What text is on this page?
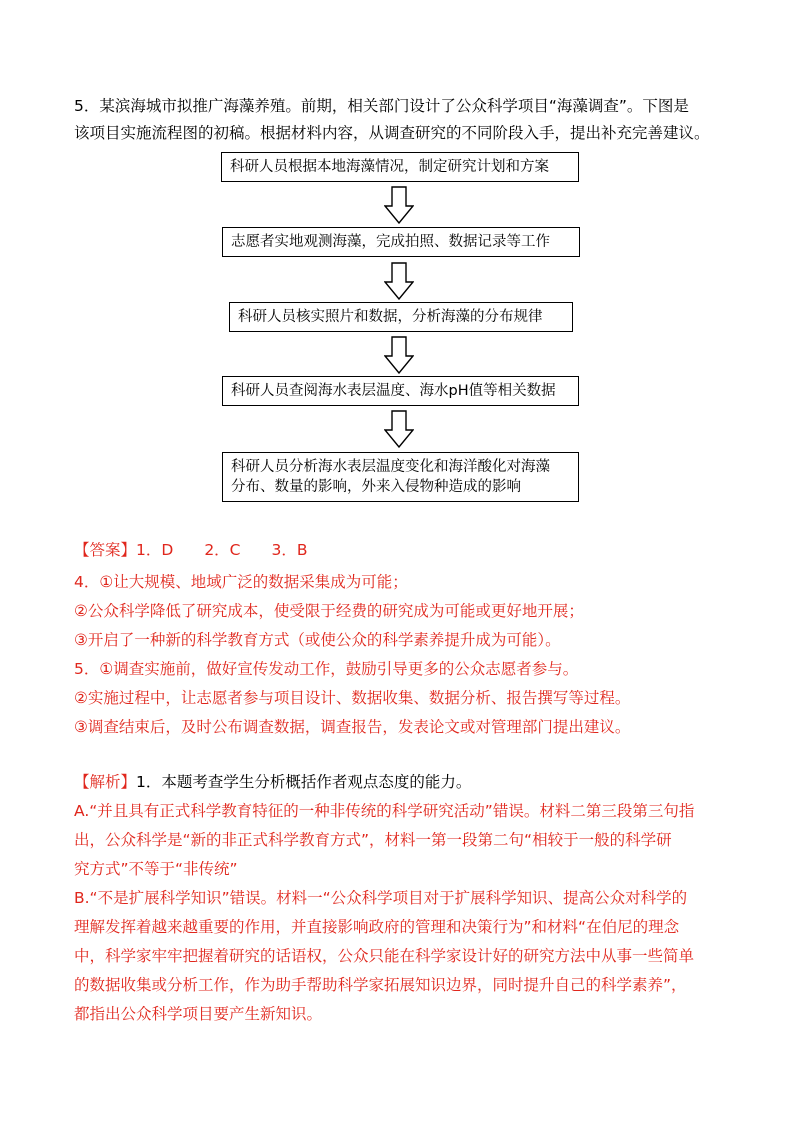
5．某滨海城市拟推广海藻养殖。前期，相关部门设计了公众科学项目“海藻调查”。下图是
该项目实施流程图的初稿。根据材料内容，从调查研究的不同阶段入手，提出补充完善建议。
科研人员根据本地海藻情况，制定研究计划和方案
志愿者实地观测海藻，完成拍照、数据记录等工作
科研人员核实照片和数据，分析海藻的分布规律
科研人员查阅海水表层温度、海水pH值等相关数据
科研人员分析海水表层温度变化和海洋酸化对海藻
分布、数量的影响，外来入侵物种造成的影响
【答案】1．D　　2．C　　3．B
4．①让大规模、地域广泛的数据采集成为可能；
②公众科学降低了研究成本，使受限于经费的研究成为可能或更好地开展；
③开启了一种新的科学教育方式（或使公众的科学素养提升成为可能）。
5．①调查实施前，做好宣传发动工作，鼓励引导更多的公众志愿者参与。
②实施过程中，让志愿者参与项目设计、数据收集、数据分析、报告撰写等过程。
③调查结束后，及时公布调查数据，调查报告，发表论文或对管理部门提出建议。
【解析】1．本题考查学生分析概括作者观点态度的能力。
A.“并且具有正式科学教育特征的一种非传统的科学研究活动”错误。材料二第三段第三句指
出，公众科学是“新的非正式科学教育方式”，材料一第一段第二句“相较于一般的科学研
究方式”不等于“非传统”
B.“不是扩展科学知识”错误。材料一“公众科学项目对于扩展科学知识、提高公众对科学的
理解发挥着越来越重要的作用，并直接影响政府的管理和决策行为”和材料“在伯尼的理念
中，科学家牢牢把握着研究的话语权，公众只能在科学家设计好的研究方法中从事一些简单
的数据收集或分析工作，作为助手帮助科学家拓展知识边界，同时提升自己的科学素养”，
都指出公众科学项目要产生新知识。
